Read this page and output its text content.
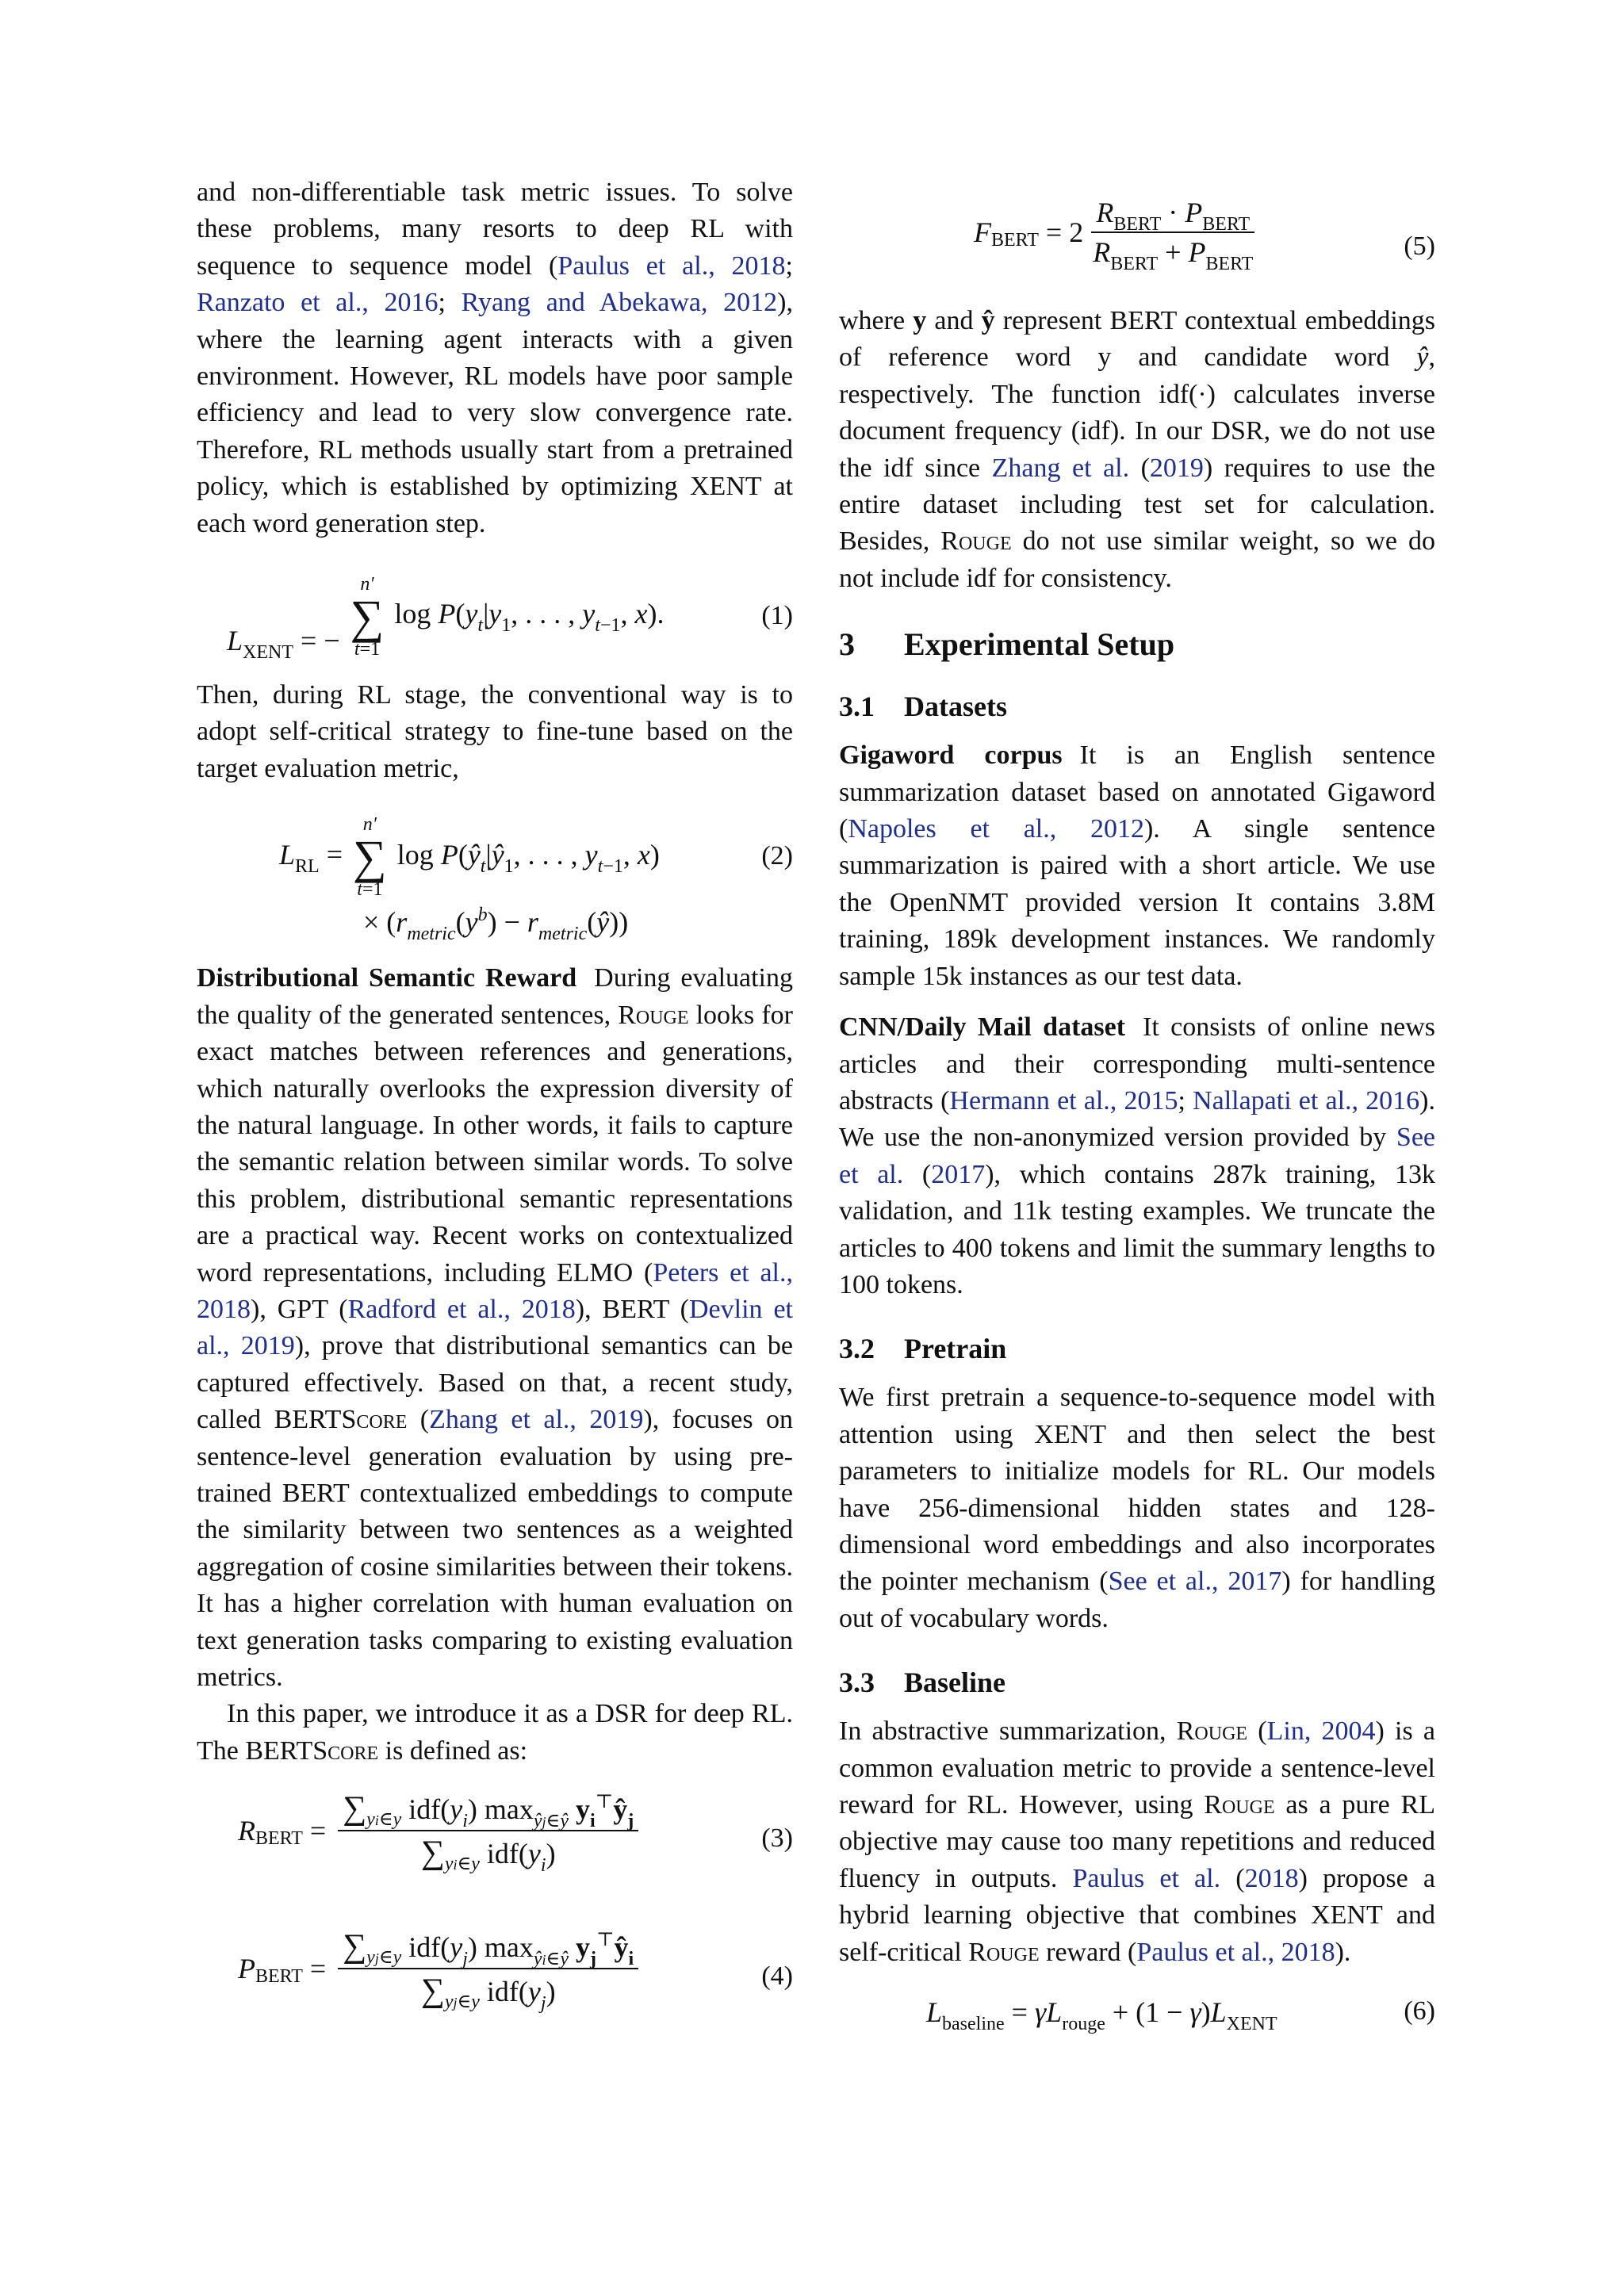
and non-differentiable task metric issues. To solve these problems, many resorts to deep RL with sequence to sequence model (Paulus et al., 2018; Ranzato et al., 2016; Ryang and Abekawa, 2012), where the learning agent interacts with a given environment. However, RL models have poor sample efficiency and lead to very slow convergence rate. Therefore, RL methods usually start from a pretrained policy, which is established by optimizing XENT at each word generation step.

$L_{XENT}$ = −
n′
∑
t=1
$\log P(y_t|y_1$, . . . , $y_{t-1}$, x).	(1)

Then, during RL stage, the conventional way is to adopt self-critical strategy to fine-tune based on the target evaluation metric,

$L_{RL}$ =
n′
∑
t=1
$\log P(ŷ_t|ŷ_1$, . . . , $y_{t-1}$, x)
× ($r_{metric}(y^b)$ − $r_{metric}(ŷ)$)
(2)

Distributional Semantic Reward During evaluating the quality of the generated sentences, Rouge looks for exact matches between references and generations, which naturally overlooks the expression diversity of the natural language. In other words, it fails to capture the semantic relation between similar words. To solve this problem, distributional semantic representations are a practical way. Recent works on contextualized word representations, including ELMO (Peters et al., 2018), GPT (Radford et al., 2018), BERT (Devlin et al., 2019), prove that distributional semantics can be captured effectively. Based on that, a recent study, called BERTScore (Zhang et al., 2019), focuses on sentence-level generation evaluation by using pre-trained BERT contextualized embeddings to compute the similarity between two sentences as a weighted aggregation of cosine similarities between their tokens. It has a higher correlation with human evaluation on text generation tasks comparing to existing evaluation metrics.

In this paper, we introduce it as a DSR for deep RL. The BERTScore is defined as:

R BERT = $\frac{\sum_{yi\in y} idf(y_i) \max_{ŷj\in ŷ} y_i^⊤ŷ_j}{\sum_{yi\in y} idf(y_i)}$	(3)
P BERT = $\frac{\sum_{yj\in y} idf(y_j) \max_{ŷi\in ŷ} y_j^⊤ŷ_i}{\sum_{yj\in y} idf(y_j)}$	(4)
F BERT = $2 \frac{R_{BERT} \cdot P_{BERT}}{R_{BERT} + P_{BERT}}$	(5)

where y and ŷ represent BERT contextual embeddings of reference word y and candidate word ŷ, respectively. The function idf(·) calculates inverse document frequency (idf). In our DSR, we do not use the idf since Zhang et al. (2019) requires to use the entire dataset including test set for calculation. Besides, Rouge do not use similar weight, so we do not include idf for consistency.

3 Experimental Setup

3.1 Datasets

Gigaword corpus It is an English sentence summarization dataset based on annotated Gigaword (Napoles et al., 2012). A single sentence summarization is paired with a short article. We use the OpenNMT provided version It contains 3.8M training, 189k development instances. We randomly sample 15k instances as our test data.

CNN/Daily Mail dataset It consists of online news articles and their corresponding multi-sentence abstracts (Hermann et al., 2015; Nallapati et al., 2016). We use the non-anonymized version provided by See et al. (2017), which contains 287k training, 13k validation, and 11k testing examples. We truncate the articles to 400 tokens and limit the summary lengths to 100 tokens.

3.2 Pretrain

We first pretrain a sequence-to-sequence model with attention using XENT and then select the best parameters to initialize models for RL. Our models have 256-dimensional hidden states and 128-dimensional word embeddings and also incorporates the pointer mechanism (See et al., 2017) for handling out of vocabulary words.

3.3 Baseline

In abstractive summarization, Rouge (Lin, 2004) is a common evaluation metric to provide a sentence-level reward for RL. However, using Rouge as a pure RL objective may cause too many repetitions and reduced fluency in outputs. Paulus et al. (2018) propose a hybrid learning objective that combines XENT and self-critical Rouge reward (Paulus et al., 2018).

$L_{baseline} = \gamma L_{rouge} + (1 - \gamma)L_{XENT}$	(6)
